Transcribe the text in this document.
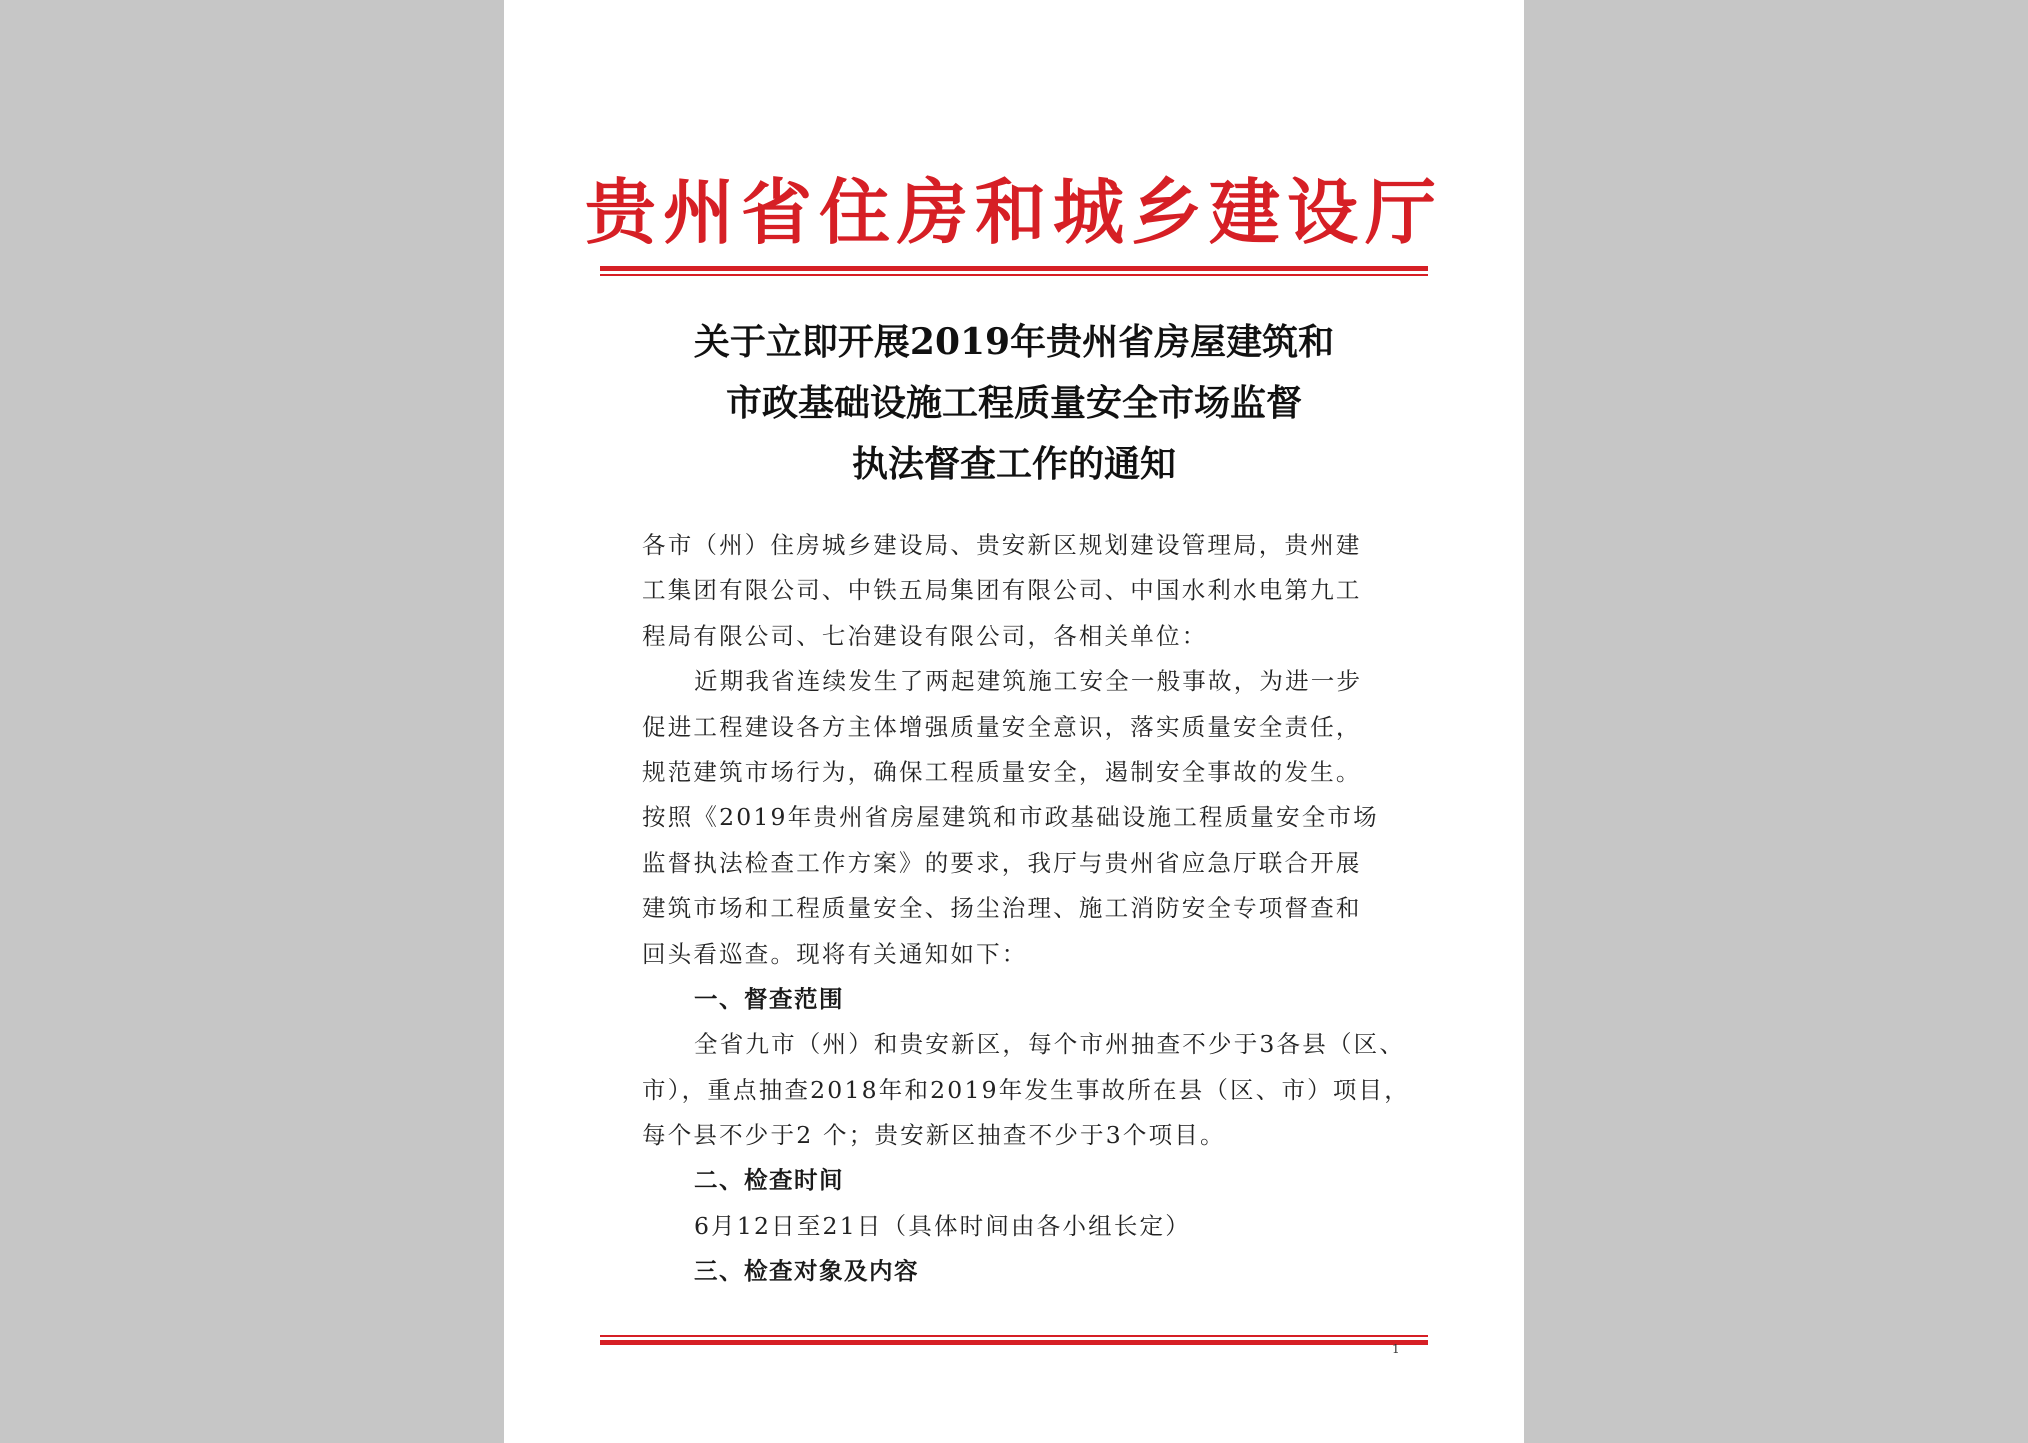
贵州省住房和城乡建设厅
关于立即开展2019年贵州省房屋建筑和
市政基础设施工程质量安全市场监督
执法督查工作的通知
各市（州）住房城乡建设局、贵安新区规划建设管理局，贵州建
工集团有限公司、中铁五局集团有限公司、中国水利水电第九工
程局有限公司、七冶建设有限公司，各相关单位：
近期我省连续发生了两起建筑施工安全一般事故，为进一步
促进工程建设各方主体增强质量安全意识，落实质量安全责任，
规范建筑市场行为，确保工程质量安全，遏制安全事故的发生。
按照《2019年贵州省房屋建筑和市政基础设施工程质量安全市场
监督执法检查工作方案》的要求，我厅与贵州省应急厅联合开展
建筑市场和工程质量安全、扬尘治理、施工消防安全专项督查和
回头看巡查。现将有关通知如下：
一、督查范围
全省九市（州）和贵安新区，每个市州抽查不少于3各县（区、
市），重点抽查2018年和2019年发生事故所在县（区、市）项目，
每个县不少于2 个；贵安新区抽查不少于3个项目。
二、检查时间
6月12日至21日（具体时间由各小组长定）
三、检查对象及内容
1
